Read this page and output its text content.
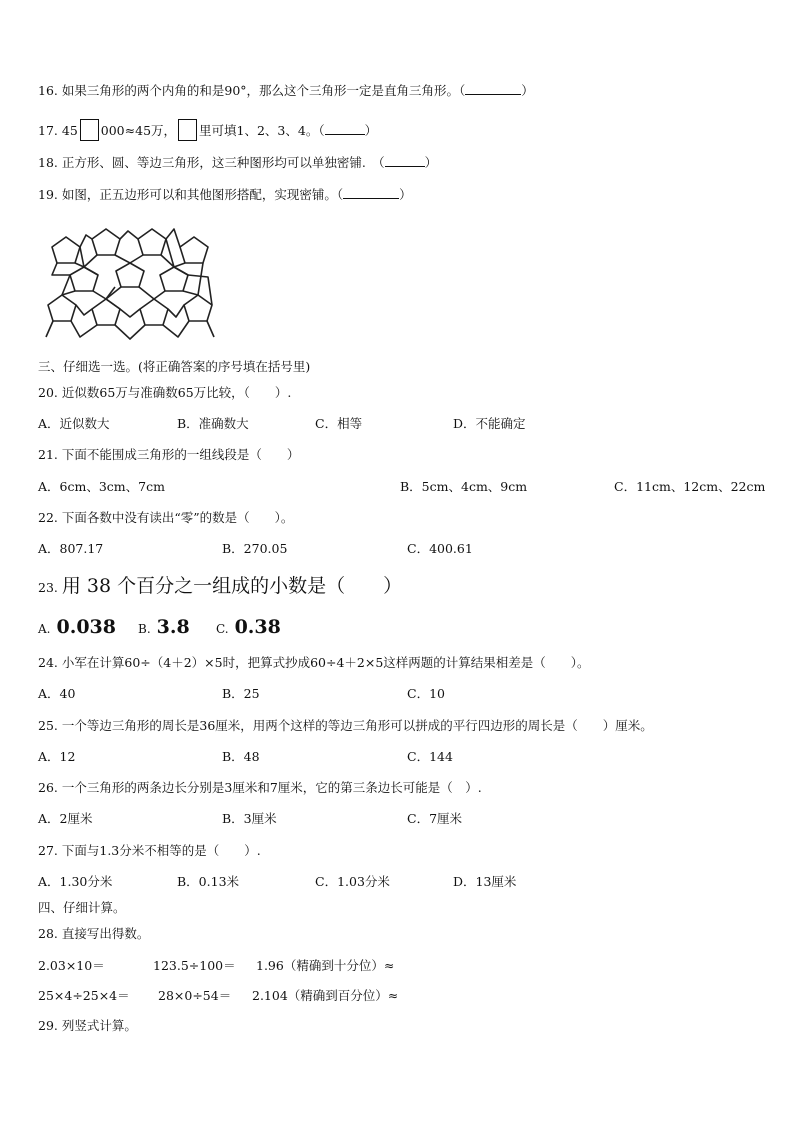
16. 如果三角形的两个内角的和是90°，那么这个三角形一定是直角三角形。（	）
17. 45 000≈45万， 里可填1、2、3、4。（	）
18. 正方形、圆、等边三角形，这三种图形均可以单独密铺.　（	）
19. 如图，正五边形可以和其他图形搭配，实现密铺。（	）
三、仔细选一选。(将正确答案的序号填在括号里)
20. 近似数65万与准确数65万比较，（　　）.
A．近似数大	B．准确数大	C．相等	D．不能确定
21. 下面不能围成三角形的一组线段是（　　）
A．6cm、3cm、7cm	B．5cm、4cm、9cm	C．11cm、12cm、22cm
22. 下面各数中没有读出“零”的数是（　　）。
A．807.17	B．270.05	C．400.61
23. 用 38 个百分之一组成的小数是（　　）
A. 0.038 B. 3.8 C. 0.38
24. 小军在计算60÷（4＋2）×5时，把算式抄成60÷4＋2×5这样两题的计算结果相差是（　　）。
A．40	B．25	C．10
25. 一个等边三角形的周长是36厘米，用两个这样的等边三角形可以拼成的平行四边形的周长是（　　）厘米。
A．12	B．48	C．144
26. 一个三角形的两条边长分别是3厘米和7厘米，它的第三条边长可能是（　）.
A．2厘米	B．3厘米	C．7厘米
27. 下面与1.3分米不相等的是（　　）.
A．1.30分米	B．0.13米	C．1.03分米	D．13厘米
四、仔细计算。
28. 直接写出得数。
2.03×10＝	123.5÷100＝ 1.96（精确到十分位）≈
25×4÷25×4＝ 28×0÷54＝ 2.104（精确到百分位）≈
29. 列竖式计算。
